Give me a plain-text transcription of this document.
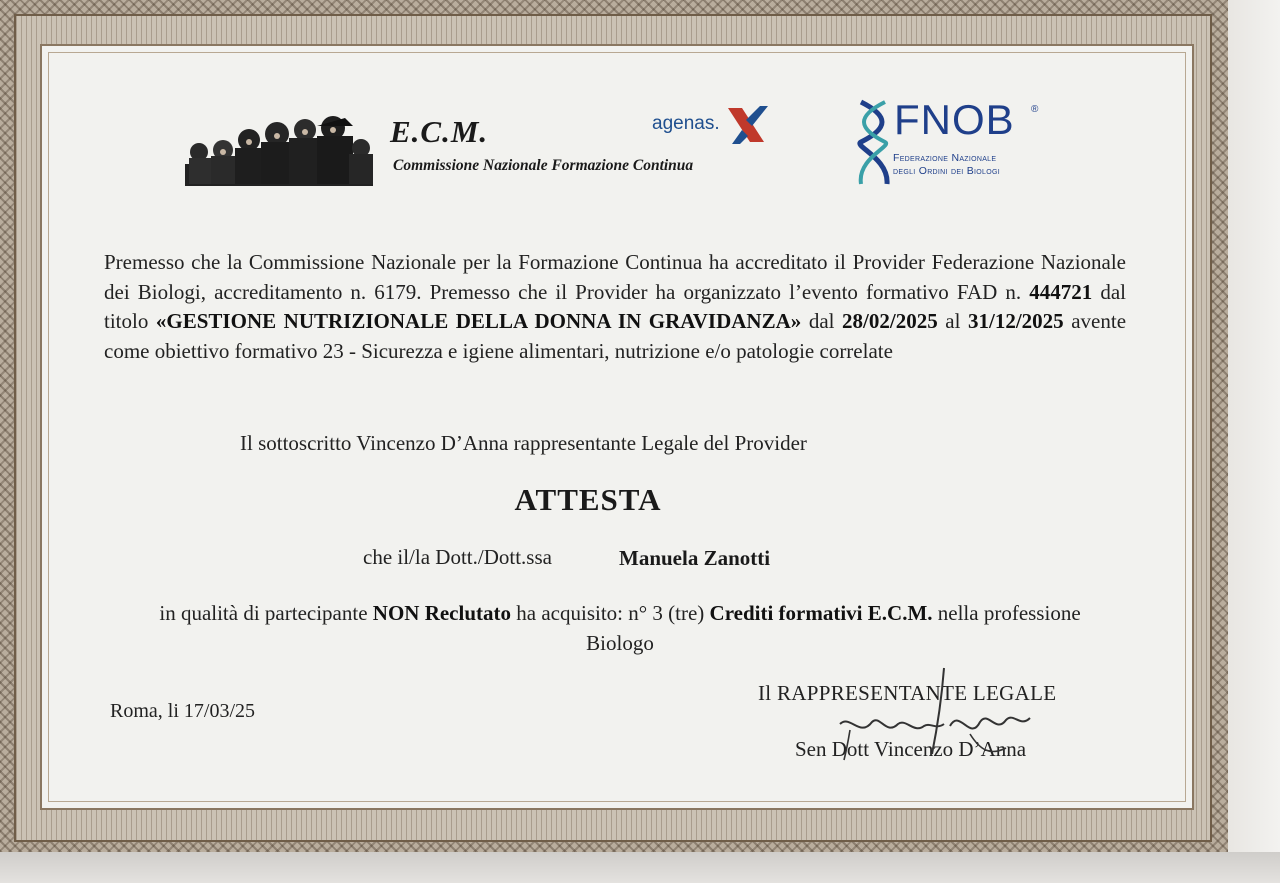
E.C.M.
Commissione Nazionale Formazione Continua
agenas.	FNOB ®
Federazione Nazionale
degli Ordini dei Biologi
Premesso che la Commissione Nazionale per la Formazione Continua ha accreditato il Provider Federazione Nazionale dei Biologi, accreditamento n. 6179. Premesso che il Provider ha organizzato l’evento formativo FAD n. 444721 dal titolo «GESTIONE NUTRIZIONALE DELLA DONNA IN GRAVIDANZA» dal 28/02/2025 al 31/12/2025 avente come obiettivo formativo 23 - Sicurezza e igiene alimentari, nutrizione e/o patologie correlate
Il sottoscritto Vincenzo D’Anna rappresentante Legale del Provider
ATTESTA
che il/la Dott./Dott.ssa	Manuela Zanotti
in qualità di partecipante NON Reclutato ha acquisito: n° 3 (tre) Crediti formativi E.C.M. nella professione Biologo
Roma, li 17/03/25
Il RAPPRESENTANTE LEGALE
Sen Dott Vincenzo D’Anna
